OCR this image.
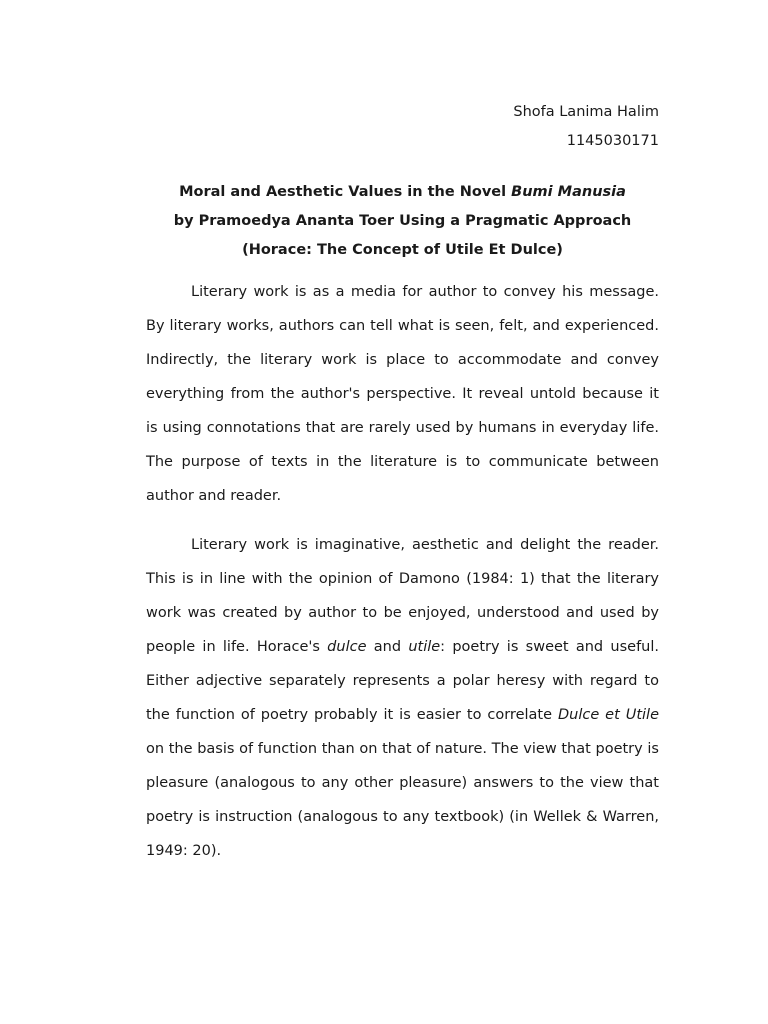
Shofa Lanima Halim
1145030171
Moral and Aesthetic Values in the Novel Bumi Manusia
by Pramoedya Ananta Toer Using a Pragmatic Approach
(Horace: The Concept of Utile Et Dulce)

Literary work is as a media for author to convey his message. By literary works, authors can tell what is seen, felt, and experienced. Indirectly, the literary work is place to accommodate and convey everything from the author's perspective. It reveal untold because it is using connotations that are rarely used by humans in everyday life. The purpose of texts in the literature is to communicate between author and reader.

Literary work is imaginative, aesthetic and delight the reader. This is in line with the opinion of Damono (1984: 1) that the literary work was created by author to be enjoyed, understood and used by people in life. Horace's dulce and utile: poetry is sweet and useful. Either adjective separately represents a polar heresy with regard to the function of poetry probably it is easier to correlate Dulce et Utile on the basis of function than on that of nature. The view that poetry is pleasure (analogous to any other pleasure) answers to the view that poetry is instruction (analogous to any textbook) (in Wellek & Warren, 1949: 20).
